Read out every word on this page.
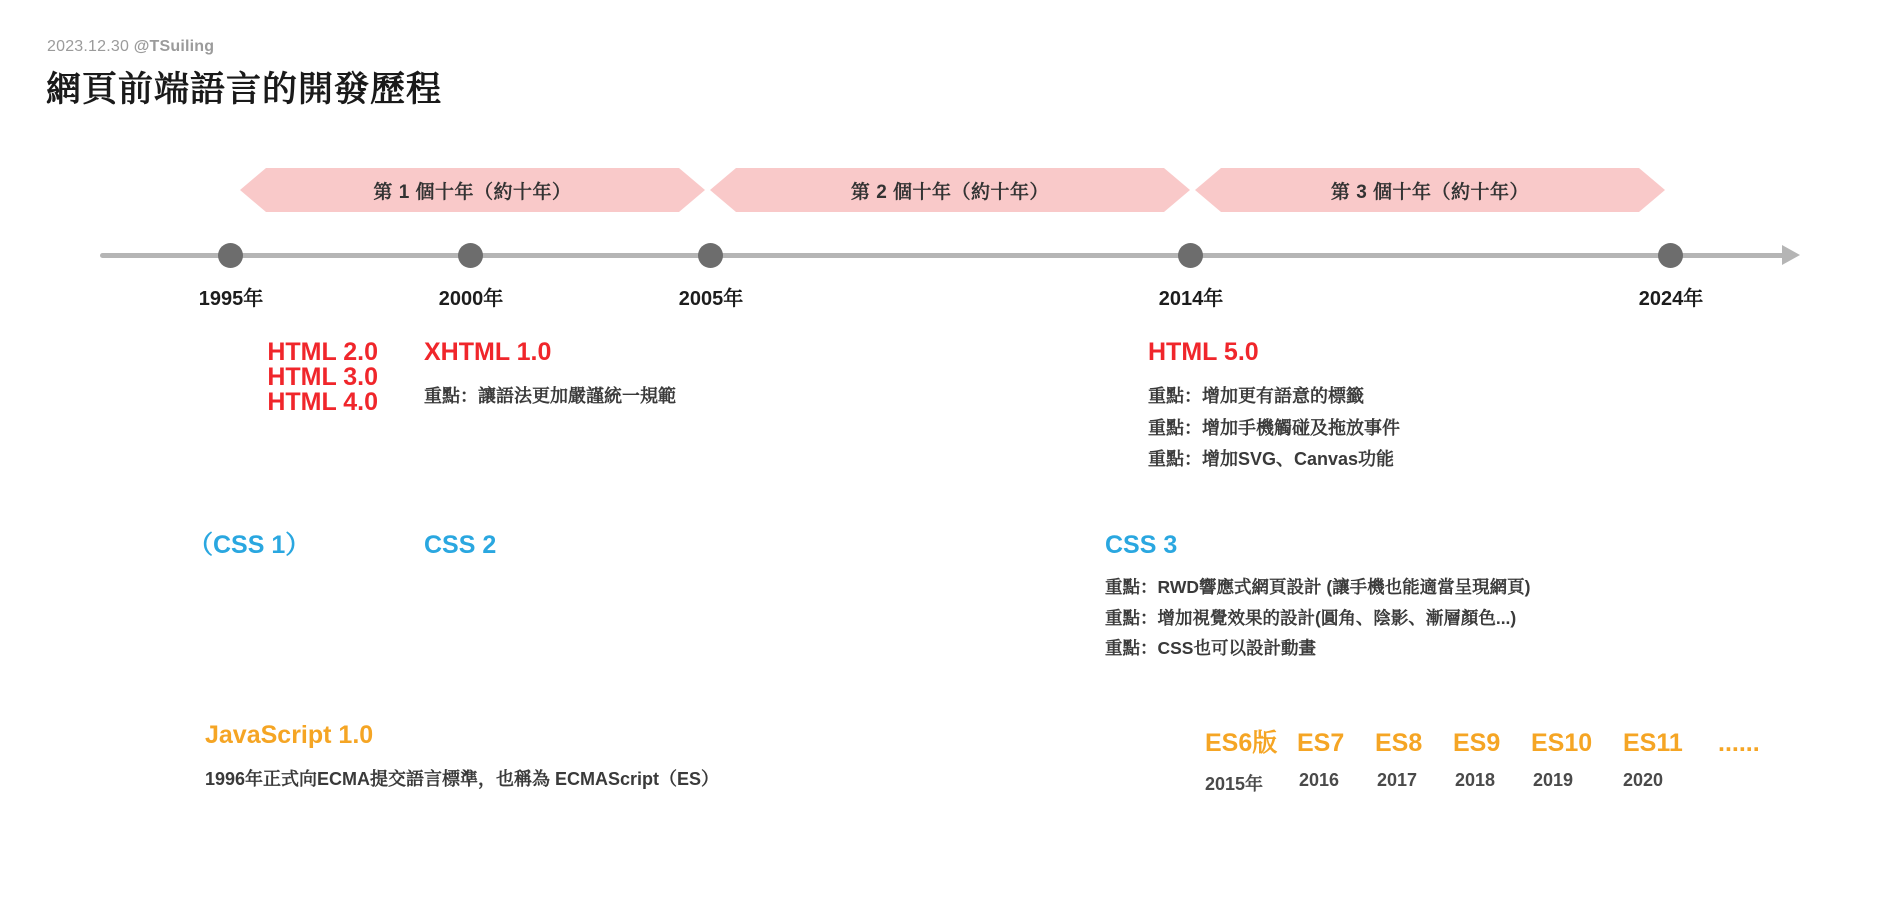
2023.12.30 @TSuiling
網頁前端語言的開發歷程
第 1 個十年（約十年）	第 2 個十年（約十年）	第 3 個十年（約十年）
1995年	2000年	2005年	2014年	2024年
HTML 2.0
HTML 3.0
HTML 4.0
XHTML 1.0
重點：讓語法更加嚴謹統一規範
HTML 5.0
重點：增加更有語意的標籤
重點：增加手機觸碰及拖放事件
重點：增加SVG、Canvas功能
（CSS 1）	CSS 2	CSS 3
重點：RWD響應式網頁設計 (讓手機也能適當呈現網頁)
重點：增加視覺效果的設計(圓角、陰影、漸層顏色...)
重點：CSS也可以設計動畫
JavaScript 1.0
1996年正式向ECMA提交語言標準，也稱為 ECMAScript（ES）
ES6版 ES7	ES8	ES9	ES10	ES11	......
2015年	2016	2017	2018	2019	2020
